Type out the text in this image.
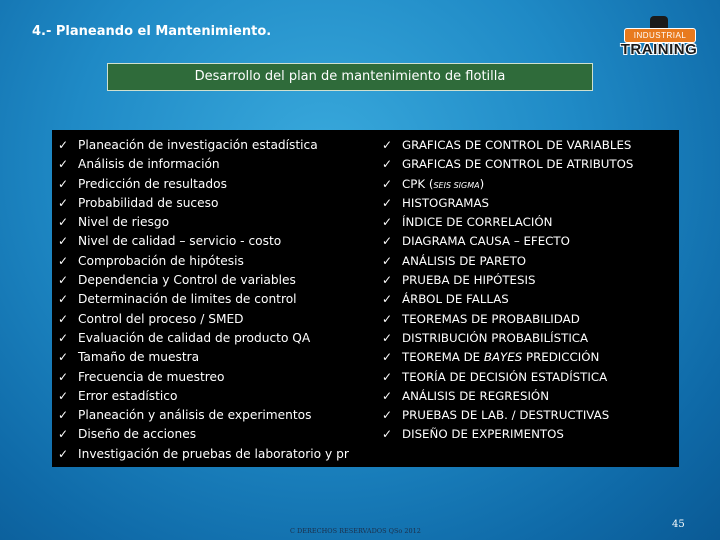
4.- Planeando el Mantenimiento.	INDUSTRIAL
TRAINING
Desarrollo del plan de mantenimiento de flotilla
✓ Planeación de investigación estadística
✓ Análisis de información
✓ Predicción de resultados
✓ Probabilidad de suceso
✓ Nivel de riesgo
✓ Nivel de calidad – servicio - costo
✓ Comprobación de hipótesis
✓ Dependencia y Control de variables
✓ Determinación de limites de control
✓ Control del proceso / SMED
✓ Evaluación de calidad de producto QA
✓ Tamaño de muestra
✓ Frecuencia de muestreo
✓ Error estadístico
✓ Planeación y análisis de experimentos
✓ Diseño de acciones
✓ Investigación de pruebas de laboratorio y pr
✓ GRAFICAS DE CONTROL DE VARIABLES
✓ GRAFICAS DE CONTROL DE ATRIBUTOS
✓ CPK (SEIS SIGMA)
✓ HISTOGRAMAS
✓ ÍNDICE DE CORRELACIÓN
✓ DIAGRAMA CAUSA – EFECTO
✓ ANÁLISIS DE PARETO
✓ PRUEBA DE HIPÓTESIS
✓ ÁRBOL DE FALLAS
✓ TEOREMAS DE PROBABILIDAD
✓ DISTRIBUCIÓN PROBABILÍSTICA
✓ TEOREMA DE BAYES PREDICCIÓN
✓ TEORÍA DE DECISIÓN ESTADÍSTICA
✓ ANÁLISIS DE REGRESIÓN
✓ PRUEBAS DE LAB. / DESTRUCTIVAS
✓ DISEÑO DE EXPERIMENTOS
C DERECHOS RESERVADOS QSo 2012
45
